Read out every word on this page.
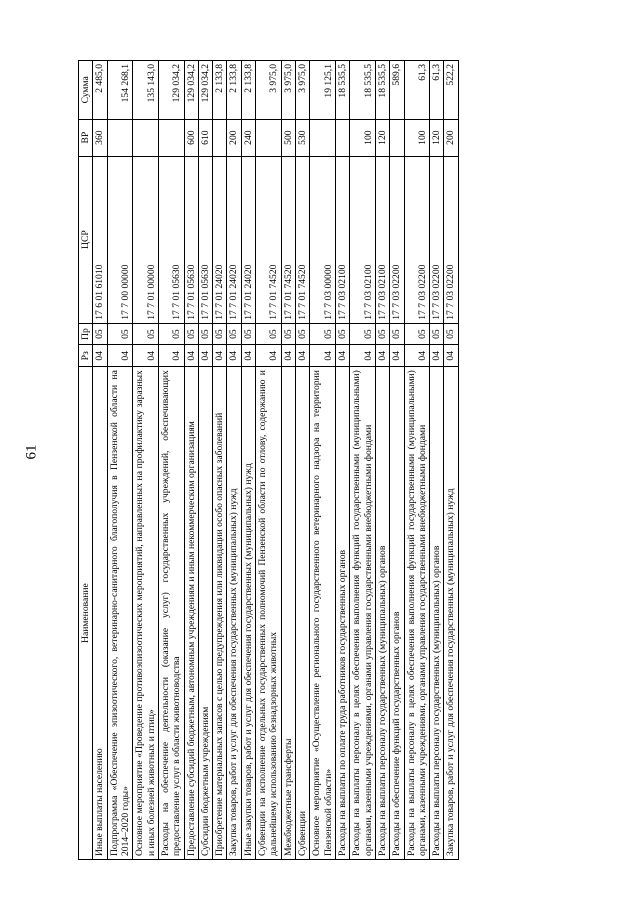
61
Наименование	Рз	Пр	ЦСР	ВР	Сумма
Иные выплаты населению	04	05	17 6 01 61010	360	2 485,0
Подпрограмма «Обеспечение эпизоотического, ветеринарно-санитарного благополучия в Пензенской области на 2014–2020 годы»	04	05	17 7 00 00000		154 268,1
Основное мероприятие «Проведение противоэпизоотических мероприятий, направленных на профилактику заразных и иных болезней животных и птиц»	04	05	17 7 01 00000		135 143,0
Расходы на обеспечение деятельности (оказание услуг) государственных учреждений, обеспечивающих предоставление услуг в области животноводства	04	05	17 7 01 05630		129 034,2
Предоставление субсидий бюджетным, автономным учреждениям и иным некоммерческим организациям	04	05	17 7 01 05630	600	129 034,2
Субсидии бюджетным учреждениям	04	05	17 7 01 05630	610	129 034,2
Приобретение материальных запасов с целью предупреждения или ликвидации особо опасных заболеваний	04	05	17 7 01 24020		2 133,8
Закупка товаров, работ и услуг для обеспечения государственных (муниципальных) нужд	04	05	17 7 01 24020	200	2 133,8
Иные закупки товаров, работ и услуг для обеспечения государственных (муниципальных) нужд	04	05	17 7 01 24020	240	2 133,8
Субвенции на исполнение отдельных государственных полномочий Пензенской области по отлову, содержанию и дальнейшему использованию безнадзорных животных	04	05	17 7 01 74520		3 975,0
Межбюджетные трансферты	04	05	17 7 01 74520	500	3 975,0
Субвенции	04	05	17 7 01 74520	530	3 975,0
Основное мероприятие «Осуществление регионального государственного ветеринарного надзора на территории Пензенской области»	04	05	17 7 03 00000		19 125,1
Расходы на выплаты по оплате труда работников государственных органов	04	05	17 7 03 02100		18 535,5
Расходы на выплаты персоналу в целях обеспечения выполнения функций государственными (муниципальными) органами, казенными учреждениями, органами управления государственными внебюджетными фондами	04	05	17 7 03 02100	100	18 535,5
Расходы на выплаты персоналу государственных (муниципальных) органов	04	05	17 7 03 02100	120	18 535,5
Расходы на обеспечение функций государственных органов	04	05	17 7 03 02200		589,6
Расходы на выплаты персоналу в целях обеспечения выполнения функций государственными (муниципальными) органами, казенными учреждениями, органами управления государственными внебюджетными фондами	04	05	17 7 03 02200	100	61,3
Расходы на выплаты персоналу государственных (муниципальных) органов	04	05	17 7 03 02200	120	61,3
Закупка товаров, работ и услуг для обеспечения государственных (муниципальных) нужд	04	05	17 7 03 02200	200	522,2
